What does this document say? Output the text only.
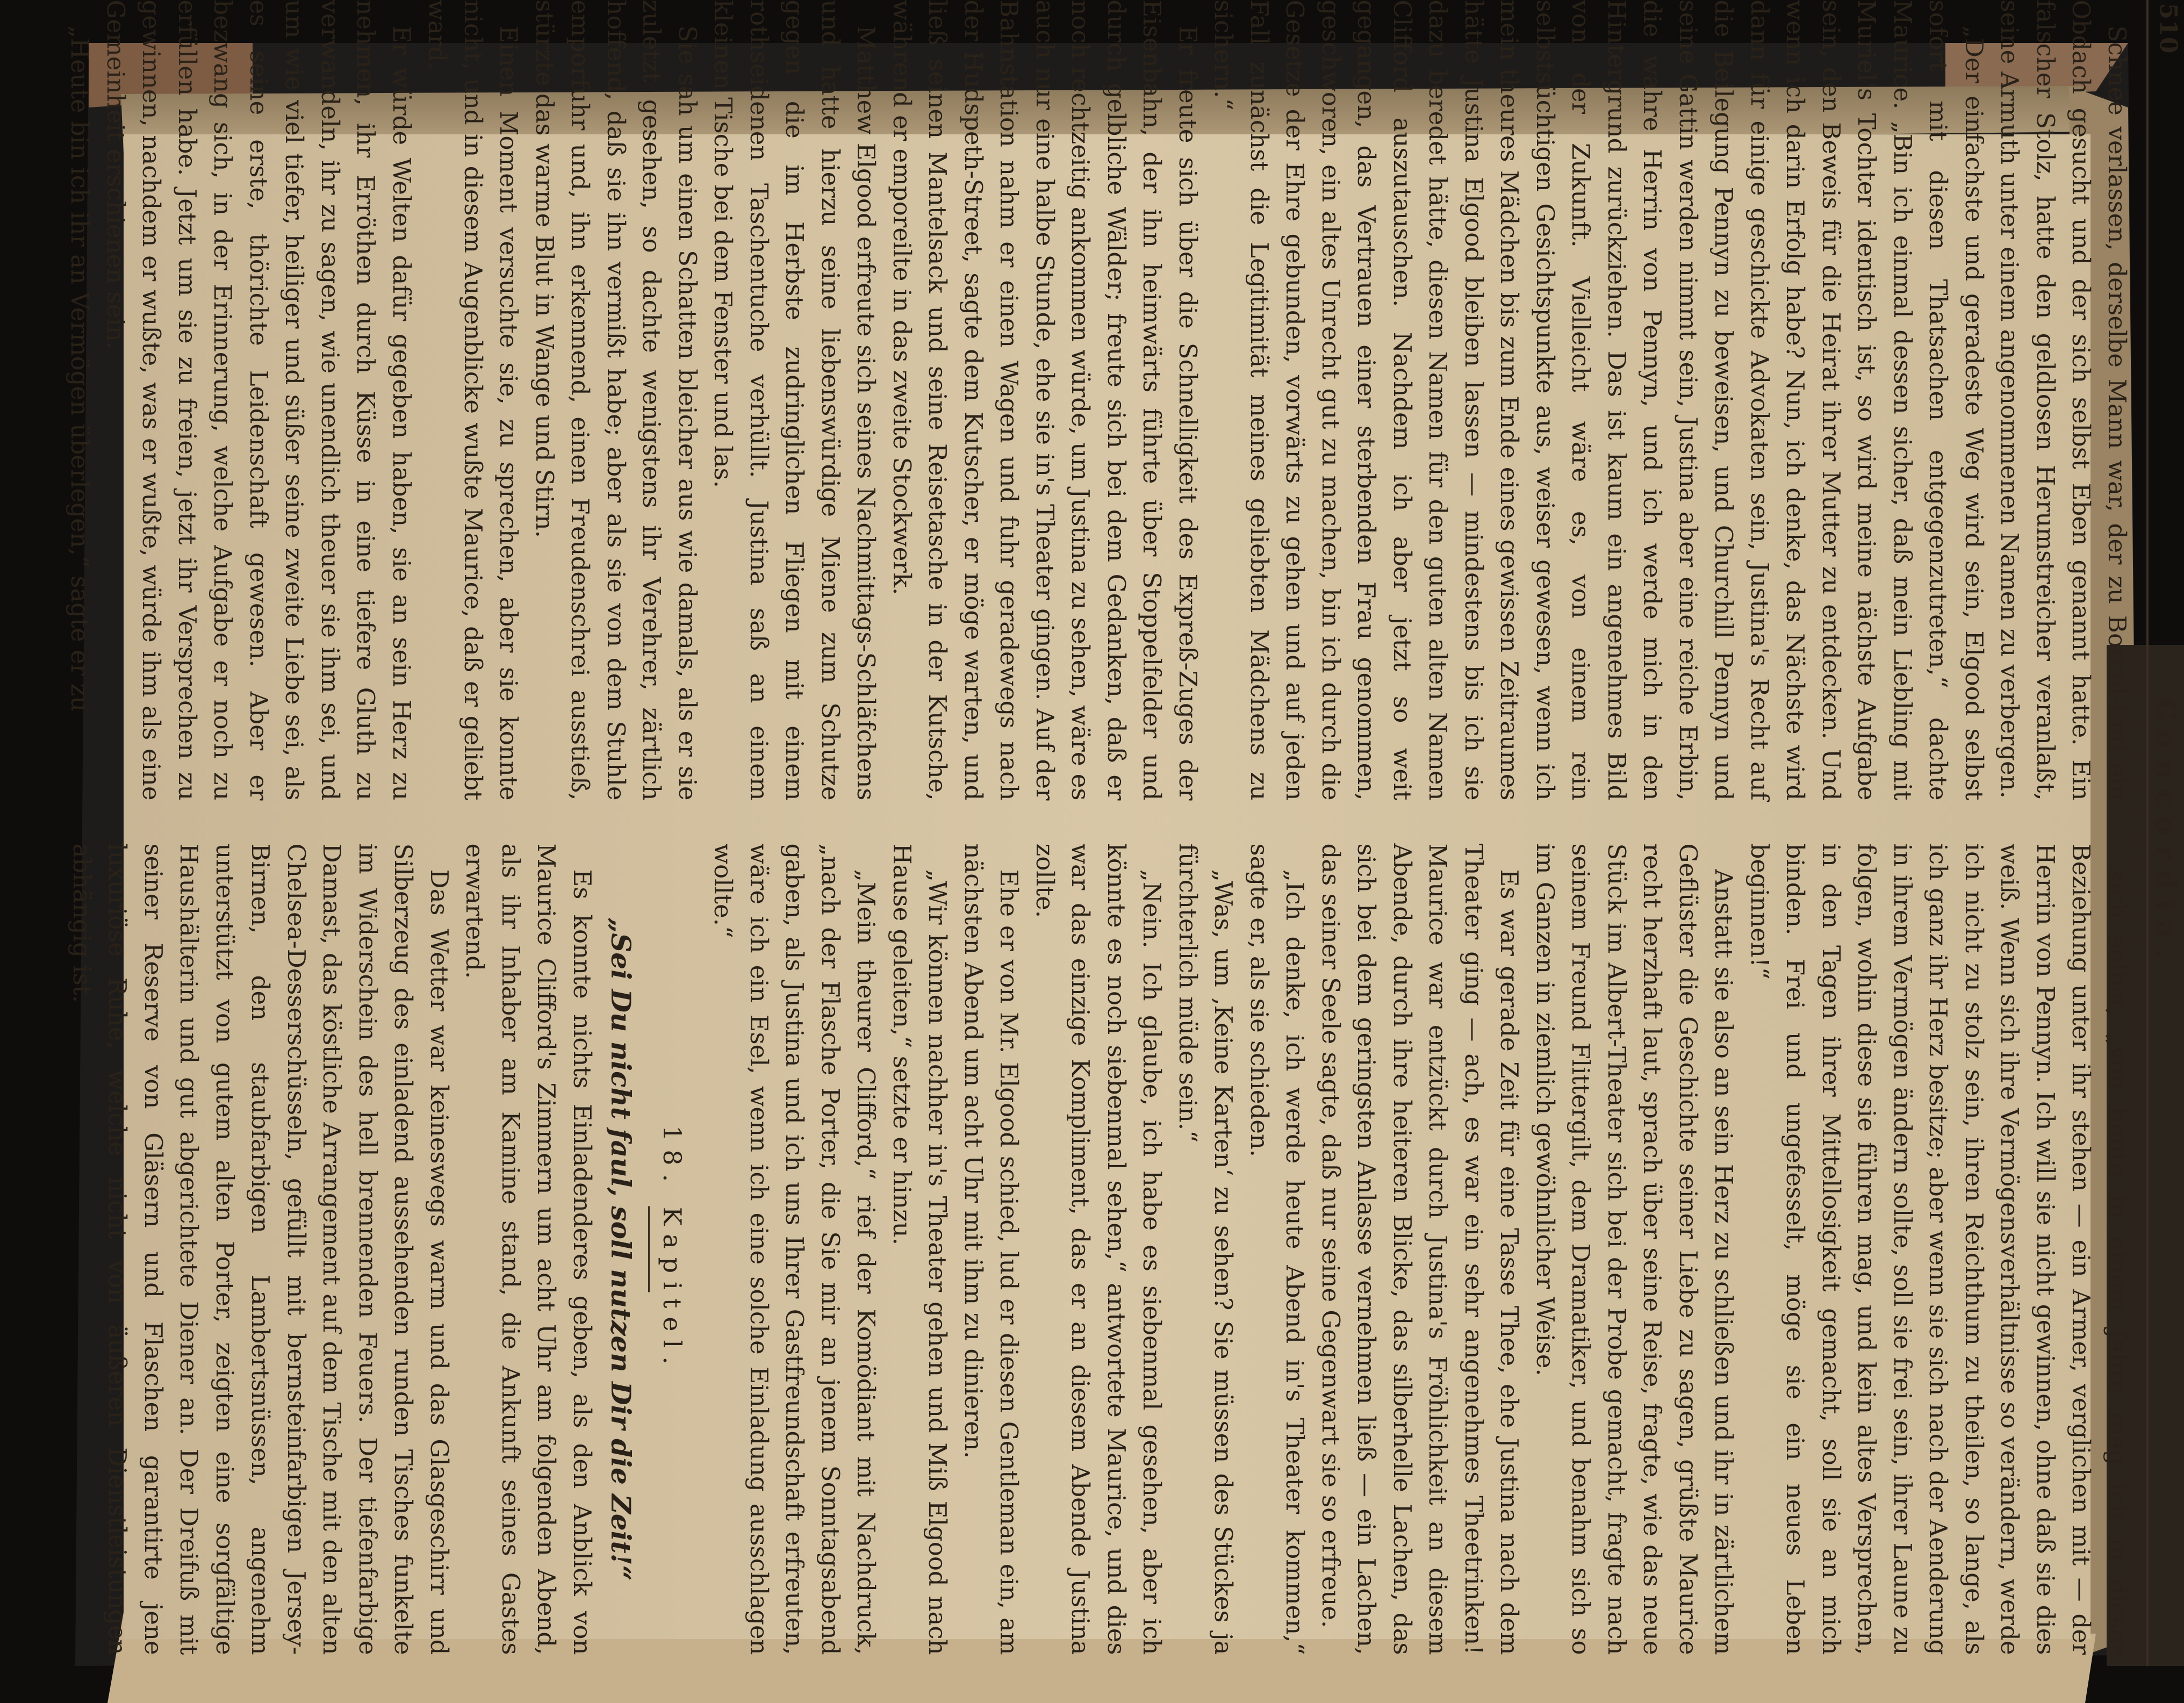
510
Concordia.

Schnee verlassen, derselbe Mann war, der zu Borcel-End ein Obdach gesucht und der sich selbst Eben genannt hatte. Ein falscher Stolz, hatte den geldlosen Herumstreicher veranlaßt, seine Armuth unter einem angenommenen Namen zu verbergen.

„Der einfachste und geradeste Weg wird sein, Elgood selbst sofort mit diesen Thatsachen entgegenzutreten,“ dachte Maurice. „Bin ich einmal dessen sicher, daß mein Liebling mit Muriel's Tochter identisch ist, so wird meine nächste Aufgabe sein, den Beweis für die Heirat ihrer Mutter zu entdecken. Und wenn ich darin Erfolg habe? Nun, ich denke, das Nächste wird dann für einige geschickte Advokaten sein, Justina's Recht auf die Beilegung Pennyn zu beweisen, und Churchill Pennyn und seine Gattin werden nimmt sein, Justina aber eine reiche Erbin, die wahre Herrin von Pennyn, und ich werde mich in den Hintergrund zurückziehen. Das ist kaum ein angenehmes Bild von der Zukunft. Vielleicht wäre es, von einem rein selbstsüchtigen Gesichtspunkte aus, weiser gewesen, wenn ich mein theures Mädchen bis zum Ende eines gewissen Zeitraumes hätte Justina Elgood bleiben lassen — mindestens bis ich sie dazu beredet hätte, diesen Namen für den guten alten Namen Clifford auszutauschen. Nachdem ich aber jetzt so weit gegangen, das Vertrauen einer sterbenden Frau genommen, geschworen, ein altes Unrecht gut zu machen, bin ich durch die Gesetze der Ehre gebunden, vorwärts zu gehen und auf jeden Fall zunächst die Legitimität meines geliebten Mädchens zu sichern.“

Er freute sich über die Schnelligkeit des Expreß-Zuges der Eisenbahn, der ihn heimwärts führte über Stoppelfelder und durch gelbliche Wälder; freute sich bei dem Gedanken, daß er noch rechtzeitig ankommen würde, um Justina zu sehen, wäre es auch nur eine halbe Stunde, ehe sie in's Theater gingen. Auf der Bahnstation nahm er einen Wagen und fuhr geradewegs nach der Hudspeth-Street, sagte dem Kutscher, er möge warten, und ließ seinen Mantelsack und seine Reisetasche in der Kutsche, während er emporeilte in das zweite Stockwerk.

Matthew Elgood erfreute sich seines Nachmittags-Schläfchens und hatte hierzu seine liebenswürdige Miene zum Schutze gegen die im Herbste zudringlichen Fliegen mit einem rothseidenen Taschentuche verhüllt. Justina saß an einem kleinen Tische bei dem Fenster und las.

Sie sah um einen Schatten bleicher aus wie damals, als er sie zuletzt gesehen, so dachte wenigstens ihr Verehrer, zärtlich hoffend, daß sie ihn vermißt habe; aber als sie von dem Stuhle emporfuhr und, ihn erkennend, einen Freudenschrei ausstieß, stürzte das warme Blut in Wange und Stirn.

Einen Moment versuchte sie, zu sprechen, aber sie konnte nicht, und in diesem Augenblicke wußte Maurice, daß er geliebt ward.

Er würde Welten dafür gegeben haben, sie an sein Herz zu nehmen, ihr Erröthen durch Küsse in eine tiefere Gluth zu verwandeln, ihr zu sagen, wie unendlich theuer sie ihm sei, und um wie viel tiefer, heiliger und süßer seine zweite Liebe sei, als es seine erste, thörichte Leidenschaft gewesen. Aber er bezwang sich, in der Erinnerung, welche Aufgabe er noch zu erfüllen habe. Jetzt um sie zu freien, jetzt ihr Versprechen zu gewinnen, nachdem er wußte, was er wußte, würde ihm als eine Gemeinheit erschienen sein.

„Heute bin ich ihr an Vermögen überlegen,“ sagte er zu

sich selbst, „von heute in einem Jahre mag ich in dieser Beziehung unter ihr stehen — ein Armer, verglichen mit — der Herrin von Pennyn. Ich will sie nicht gewinnen, ohne daß sie dies weiß. Wenn sich ihre Vermögensverhältnisse so verändern, werde ich nicht zu stolz sein, ihren Reichthum zu theilen, so lange, als ich ganz ihr Herz besitze; aber wenn sie sich nach der Aenderung in ihrem Vermögen ändern sollte, soll sie frei sein, ihrer Laune zu folgen, wohin diese sie führen mag, und kein altes Versprechen, in den Tagen ihrer Mittellosigkeit gemacht, soll sie an mich binden. Frei und ungefesselt, möge sie ein neues Leben beginnen!“

Anstatt sie also an sein Herz zu schließen und ihr in zärtlichem Geflüster die Geschichte seiner Liebe zu sagen, grüßte Maurice recht herzhaft laut, sprach über seine Reise, fragte, wie das neue Stück im Albert-Theater sich bei der Probe gemacht, fragte nach seinem Freund Flittergilt, dem Dramatiker, und benahm sich so im Ganzen in ziemlich gewöhnlicher Weise.

Es war gerade Zeit für eine Tasse Thee, ehe Justina nach dem Theater ging — ach, es war ein sehr angenehmes Theetrinken! Maurice war entzückt durch Justina's Fröhlichkeit an diesem Abende, durch ihre heiteren Blicke, das silberhelle Lachen, das sich bei dem geringsten Anlasse vernehmen ließ — ein Lachen, das seiner Seele sagte, daß nur seine Gegenwart sie so erfreue.

„Ich denke, ich werde heute Abend in's Theater kommen,“ sagte er, als sie schieden.

„Was, um ‚Keine Karten‘ zu sehen? Sie müssen des Stückes ja fürchterlich müde sein.“

„Nein. Ich glaube, ich habe es siebenmal gesehen, aber ich könnte es noch siebenmal sehen,“ antwortete Maurice, und dies war das einzige Kompliment, das er an diesem Abende Justina zollte.

Ehe er von Mr. Elgood schied, lud er diesen Gentleman ein, am nächsten Abend um acht Uhr mit ihm zu dinieren.

„Wir können nachher in's Theater gehen und Miß Elgood nach Hause geleiten,“ setzte er hinzu.

„Mein theurer Clifford,“ rief der Komödiant mit Nachdruck, „nach der Flasche Porter, die Sie mir an jenem Sonntagsabend gaben, als Justina und ich uns Ihrer Gastfreundschaft erfreuten, wäre ich ein Esel, wenn ich eine solche Einladung ausschlagen wollte.“

18. Kapitel.
„Sei Du nicht faul, soll nutzen Dir die Zeit!“

Es konnte nichts Einladenderes geben, als den Anblick von Maurice Clifford's Zimmern um acht Uhr am folgenden Abend, als ihr Inhaber am Kamine stand, die Ankunft seines Gastes erwartend.

Das Wetter war keineswegs warm und das Glasgeschirr und Silberzeug des einladend aussehenden runden Tisches funkelte im Widerschein des hell brennenden Feuers. Der tiefenfarbige Damast, das köstliche Arrangement auf dem Tische mit den alten Chelsea-Desserschüsseln, gefüllt mit bernsteinfarbigen Jersey-Birnen, den staubfarbigen Lambertsnüssen, angenehm unterstützt von gutem alten Porter, zeigten eine sorgfältige Haushälterin und gut abgerichtete Diener an. Der Dreifuß mit seiner Reserve von Gläsern und Flaschen garantirte jene luxuriöse Ruhe, welche nicht von äußeren Dienstleistungen abhängig ist.
